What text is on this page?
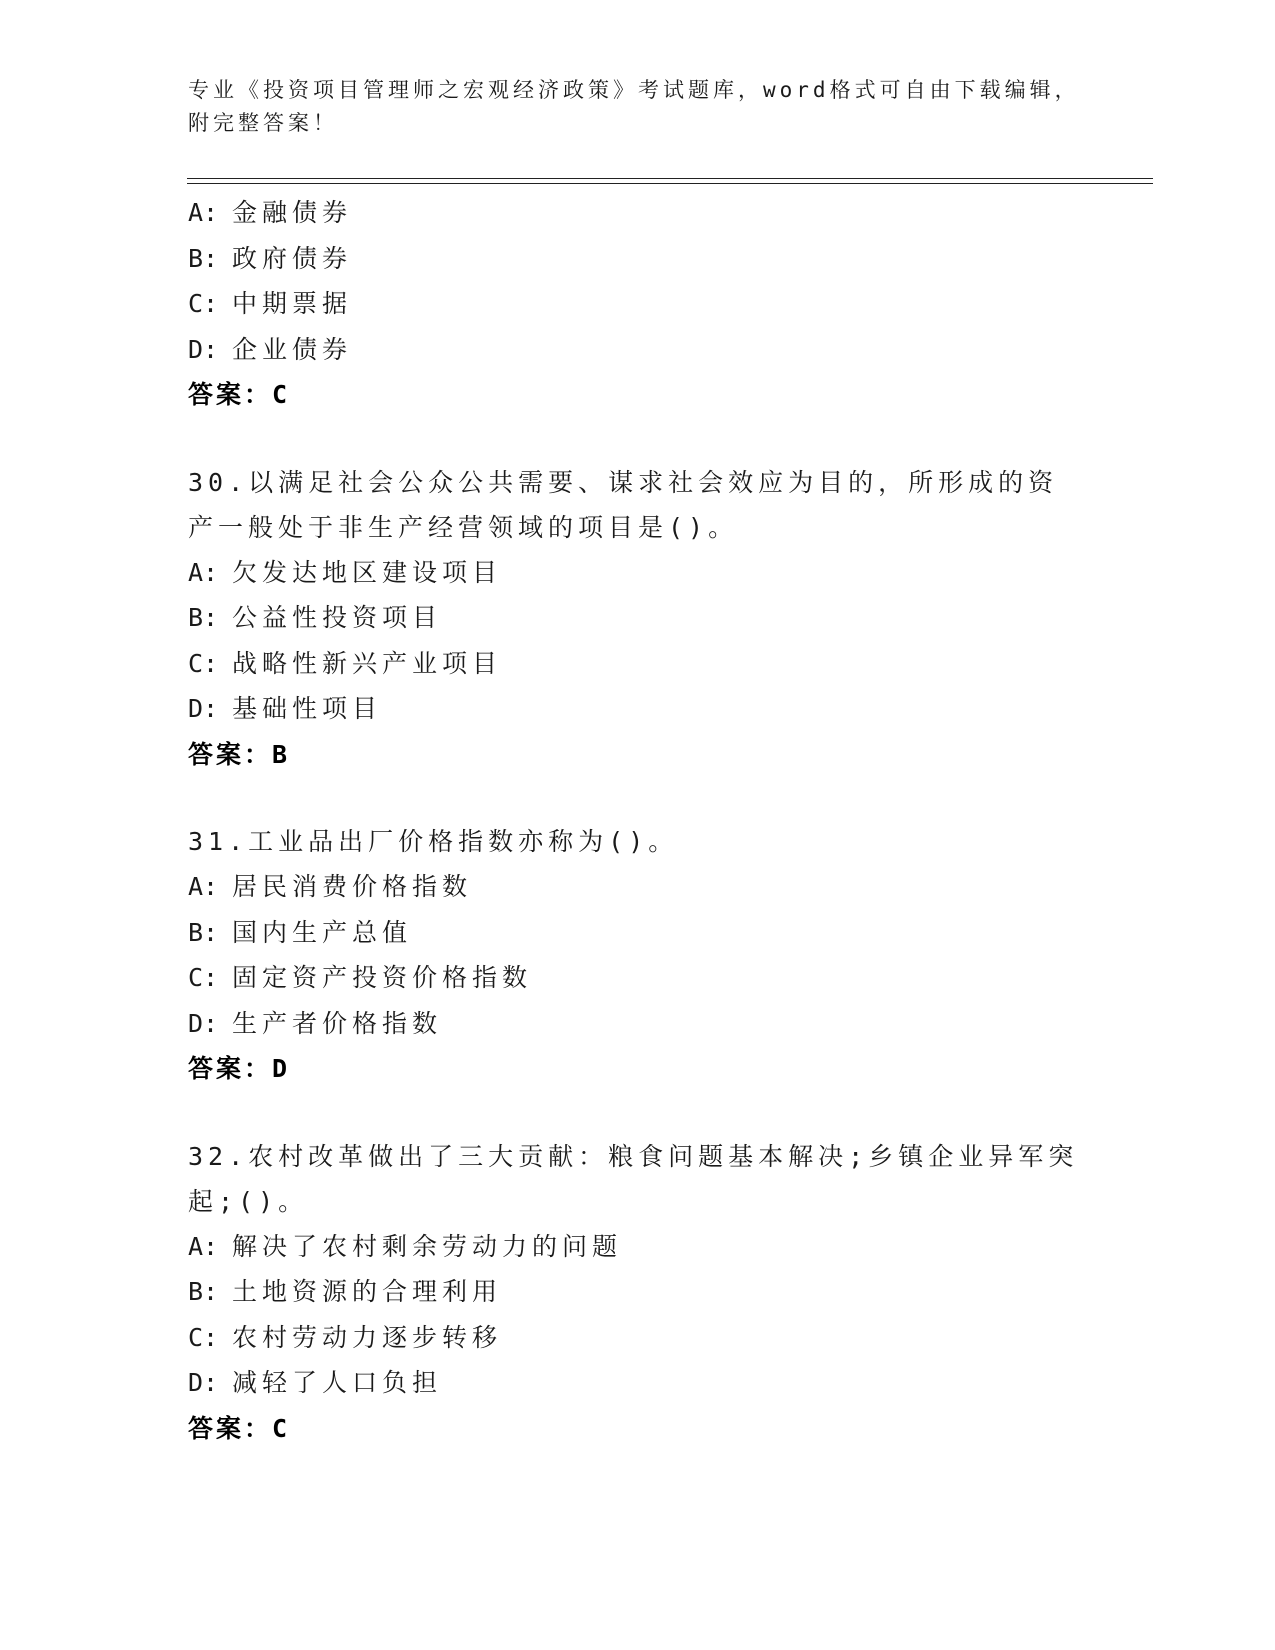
专业《投资项目管理师之宏观经济政策》考试题库，word格式可自由下载编辑，
附完整答案！
A: 金融债券
B: 政府债券
C: 中期票据
D: 企业债券
答案：C
30.以满足社会公众公共需要、谋求社会效应为目的，所形成的资产一般处于非生产经营领域的项目是()。
A: 欠发达地区建设项目
B: 公益性投资项目
C: 战略性新兴产业项目
D: 基础性项目
答案：B
31.工业品出厂价格指数亦称为()。
A: 居民消费价格指数
B: 国内生产总值
C: 固定资产投资价格指数
D: 生产者价格指数
答案：D
32.农村改革做出了三大贡献：粮食问题基本解决;乡镇企业异军突起;()。
A: 解决了农村剩余劳动力的问题
B: 土地资源的合理利用
C: 农村劳动力逐步转移
D: 减轻了人口负担
答案：C
